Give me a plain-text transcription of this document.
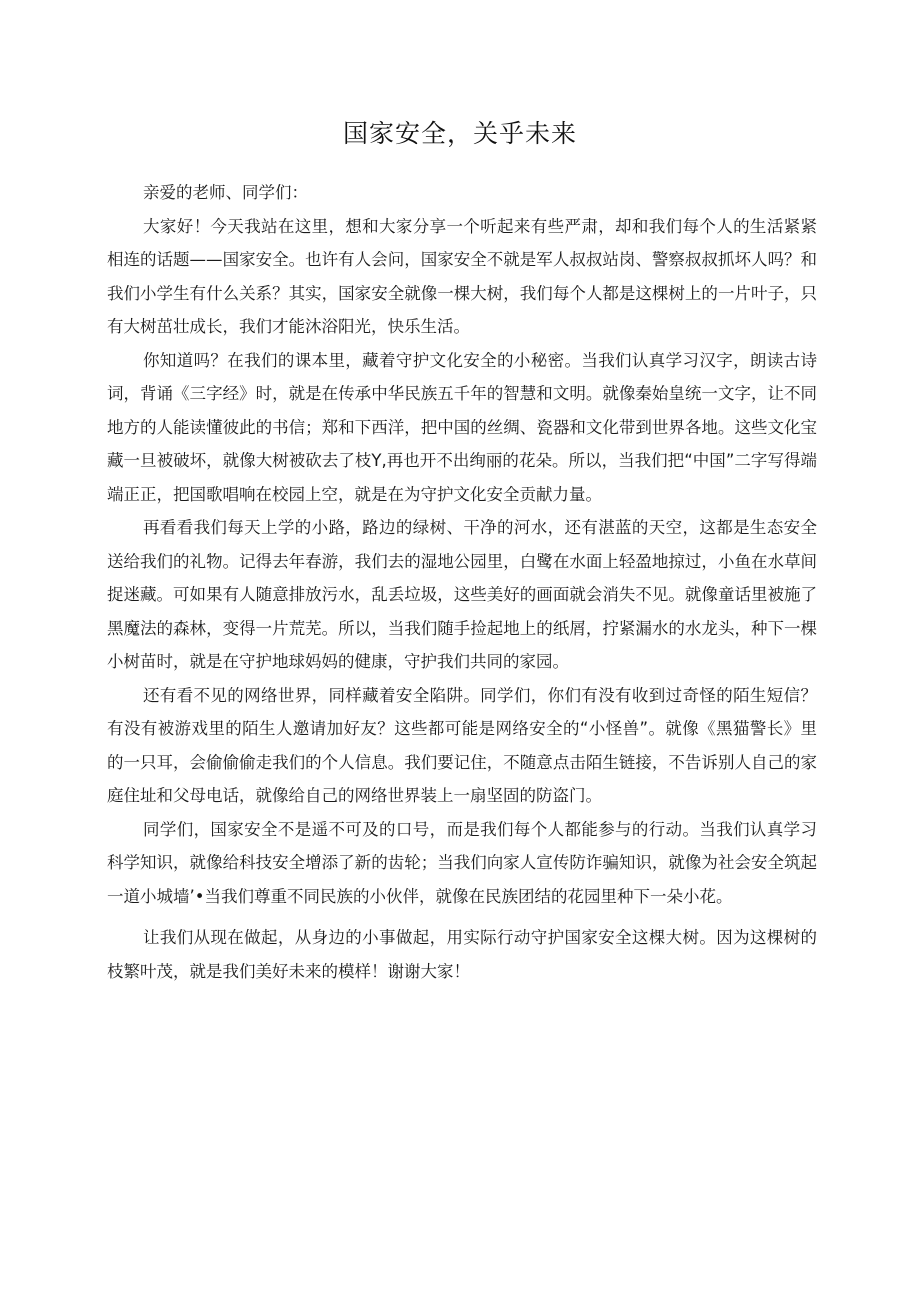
国家安全，关乎未来

亲爱的老师、同学们：

大家好！今天我站在这里，想和大家分享一个听起来有些严肃，却和我们每个人的生活紧紧相连的话题——国家安全。也许有人会问，国家安全不就是军人叔叔站岗、警察叔叔抓坏人吗？和我们小学生有什么关系？其实，国家安全就像一棵大树，我们每个人都是这棵树上的一片叶子，只有大树茁壮成长，我们才能沐浴阳光，快乐生活。

你知道吗？在我们的课本里，藏着守护文化安全的小秘密。当我们认真学习汉字，朗读古诗词，背诵《三字经》时，就是在传承中华民族五千年的智慧和文明。就像秦始皇统一文字，让不同地方的人能读懂彼此的书信；郑和下西洋，把中国的丝绸、瓷器和文化带到世界各地。这些文化宝藏一旦被破坏，就像大树被砍去了枝Y,再也开不出绚丽的花朵。所以，当我们把“中国”二字写得端端正正，把国歌唱响在校园上空，就是在为守护文化安全贡献力量。

再看看我们每天上学的小路，路边的绿树、干净的河水，还有湛蓝的天空，这都是生态安全送给我们的礼物。记得去年春游，我们去的湿地公园里，白鹭在水面上轻盈地掠过，小鱼在水草间捉迷藏。可如果有人随意排放污水，乱丢垃圾，这些美好的画面就会消失不见。就像童话里被施了黑魔法的森林，变得一片荒芜。所以，当我们随手捡起地上的纸屑，拧紧漏水的水龙头，种下一棵小树苗时，就是在守护地球妈妈的健康，守护我们共同的家园。

还有看不见的网络世界，同样藏着安全陷阱。同学们，你们有没有收到过奇怪的陌生短信？有没有被游戏里的陌生人邀请加好友？这些都可能是网络安全的“小怪兽”。就像《黑猫警长》里的一只耳，会偷偷偷走我们的个人信息。我们要记住，不随意点击陌生链接，不告诉别人自己的家庭住址和父母电话，就像给自己的网络世界装上一扇坚固的防盗门。

同学们，国家安全不是遥不可及的口号，而是我们每个人都能参与的行动。当我们认真学习科学知识，就像给科技安全增添了新的齿轮；当我们向家人宣传防诈骗知识，就像为社会安全筑起一道小城墙’•当我们尊重不同民族的小伙伴，就像在民族团结的花园里种下一朵小花。

让我们从现在做起，从身边的小事做起，用实际行动守护国家安全这棵大树。因为这棵树的枝繁叶茂，就是我们美好未来的模样！谢谢大家！
